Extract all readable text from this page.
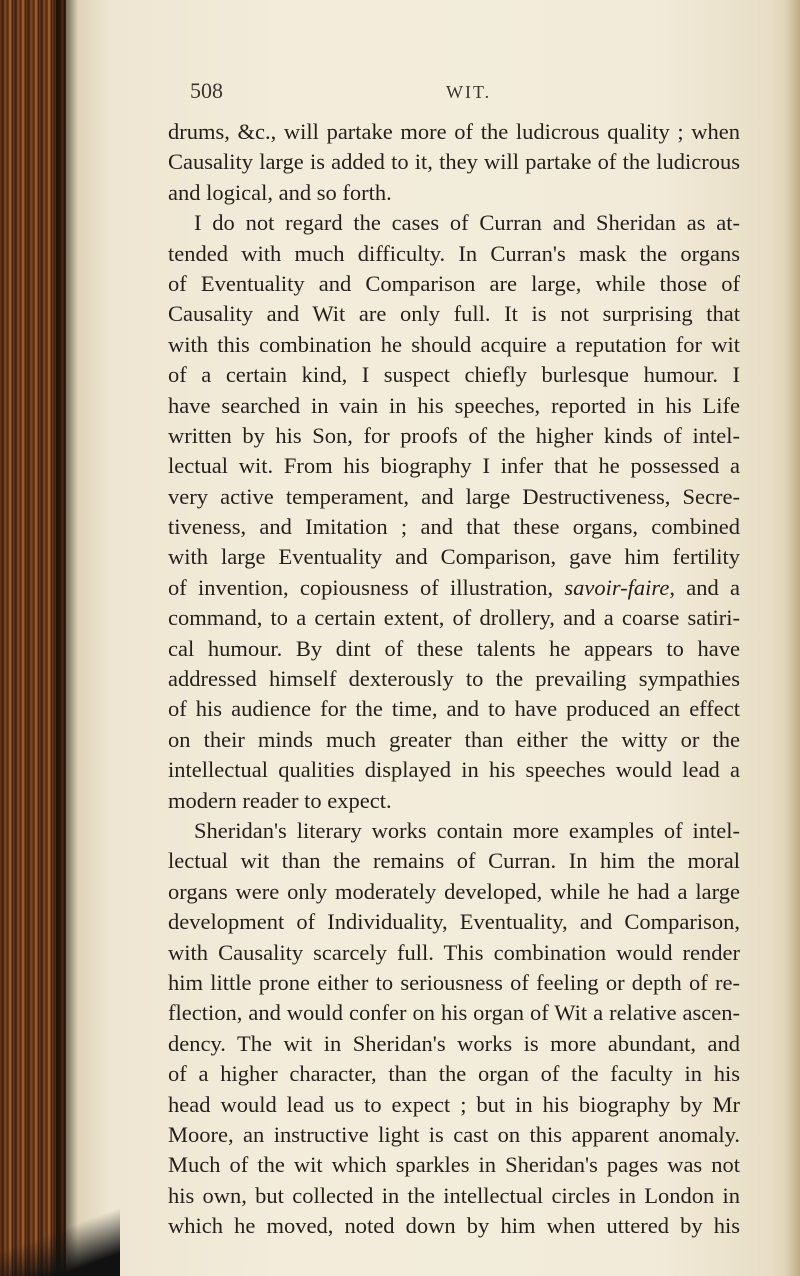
508	WIT.
drums, &c., will partake more of the ludicrous quality ; when
Causality large is added to it, they will partake of the ludicrous
and logical, and so forth.
I do not regard the cases of Curran and Sheridan as at-
tended with much difficulty. In Curran's mask the organs
of Eventuality and Comparison are large, while those of
Causality and Wit are only full. It is not surprising that
with this combination he should acquire a reputation for wit
of a certain kind, I suspect chiefly burlesque humour. I
have searched in vain in his speeches, reported in his Life
written by his Son, for proofs of the higher kinds of intel-
lectual wit. From his biography I infer that he possessed a
very active temperament, and large Destructiveness, Secre-
tiveness, and Imitation ; and that these organs, combined
with large Eventuality and Comparison, gave him fertility
of invention, copiousness of illustration, savoir-faire, and a
command, to a certain extent, of drollery, and a coarse satiri-
cal humour. By dint of these talents he appears to have
addressed himself dexterously to the prevailing sympathies
of his audience for the time, and to have produced an effect
on their minds much greater than either the witty or the
intellectual qualities displayed in his speeches would lead a
modern reader to expect.
Sheridan's literary works contain more examples of intel-
lectual wit than the remains of Curran. In him the moral
organs were only moderately developed, while he had a large
development of Individuality, Eventuality, and Comparison,
with Causality scarcely full. This combination would render
him little prone either to seriousness of feeling or depth of re-
flection, and would confer on his organ of Wit a relative ascen-
dency. The wit in Sheridan's works is more abundant, and
of a higher character, than the organ of the faculty in his
head would lead us to expect ; but in his biography by Mr
Moore, an instructive light is cast on this apparent anomaly.
Much of the wit which sparkles in Sheridan's pages was not
his own, but collected in the intellectual circles in London in
which he moved, noted down by him when uttered by his
